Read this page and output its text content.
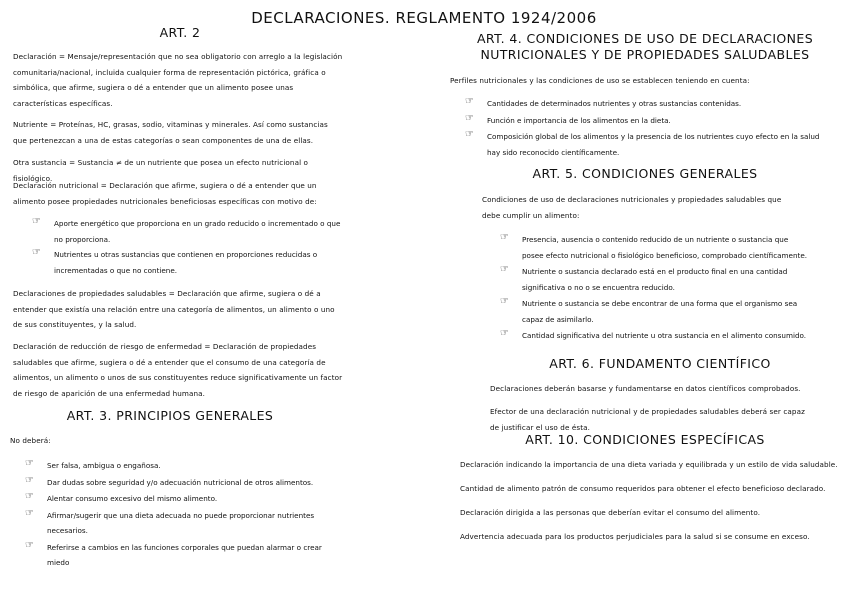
DECLARACIONES. REGLAMENTO 1924/2006
ART. 2
Declaración = Mensaje/representación que no sea obligatorio con arreglo a la legislación comunitaria/nacional, incluida cualquier forma de representación pictórica, gráfica o simbólica, que afirme, sugiera o dé a entender que un alimento posee unas características específicas.
Nutriente = Proteínas, HC, grasas, sodio, vitaminas y minerales. Así como sustancias que pertenezcan a una de estas categorías o sean componentes de una de ellas.
Otra sustancia = Sustancia ≠ de un nutriente que posea un efecto nutricional o fisiológico.
Declaración nutricional = Declaración que afirme, sugiera o dé a entender que un alimento posee propiedades nutricionales beneficiosas específicas con motivo de:
☞ Aporte energético que proporciona en un grado reducido o incrementado o que no proporciona.
☞ Nutrientes u otras sustancias que contienen en proporciones reducidas o incrementadas o que no contiene.
Declaraciones de propiedades saludables = Declaración que afirme, sugiera o dé a entender que existía una relación entre una categoría de alimentos, un alimento o uno de sus constituyentes, y la salud.
Declaración de reducción de riesgo de enfermedad = Declaración de propiedades saludables que afirme, sugiera o dé a entender que el consumo de una categoría de alimentos, un alimento o unos de sus constituyentes reduce significativamente un factor de riesgo de aparición de una enfermedad humana.
ART. 3. PRINCIPIOS GENERALES
No deberá:
☞ Ser falsa, ambigua o engañosa.
☞ Dar dudas sobre seguridad y/o adecuación nutricional de otros alimentos.
☞ Alentar consumo excesivo del mismo alimento.
☞ Afirmar/sugerir que una dieta adecuada no puede proporcionar nutrientes necesarios.
☞ Referirse a cambios en las funciones corporales que puedan alarmar o crear miedo
ART. 4. CONDICIONES DE USO DE DECLARACIONES
NUTRICIONALES Y DE PROPIEDADES SALUDABLES
Perfiles nutricionales y las condiciones de uso se establecen teniendo en cuenta:
☞ Cantidades de determinados nutrientes y otras sustancias contenidas.
☞ Función e importancia de los alimentos en la dieta.
☞ Composición global de los alimentos y la presencia de los nutrientes cuyo efecto en la salud hay sido reconocido científicamente.
ART. 5. CONDICIONES GENERALES
Condiciones de uso de declaraciones nutricionales y propiedades saludables que debe cumplir un alimento:
☞ Presencia, ausencia o contenido reducido de un nutriente o sustancia que posee efecto nutricional o fisiológico beneficioso, comprobado científicamente.
☞ Nutriente o sustancia declarado está en el producto final en una cantidad significativa o no o se encuentra reducido.
☞ Nutriente o sustancia se debe encontrar de una forma que el organismo sea capaz de asimilarlo.
☞ Cantidad significativa del nutriente u otra sustancia en el alimento consumido.
ART. 6. FUNDAMENTO CIENTÍFICO
Declaraciones deberán basarse y fundamentarse en datos científicos comprobados.
Efector de una declaración nutricional y de propiedades saludables deberá ser capaz de justificar el uso de ésta.
ART. 10. CONDICIONES ESPECÍFICAS
Declaración indicando la importancia de una dieta variada y equilibrada y un estilo de vida saludable.
Cantidad de alimento patrón de consumo requeridos para obtener el efecto beneficioso declarado.
Declaración dirigida a las personas que deberían evitar el consumo del alimento.
Advertencia adecuada para los productos perjudiciales para la salud si se consume en exceso.
